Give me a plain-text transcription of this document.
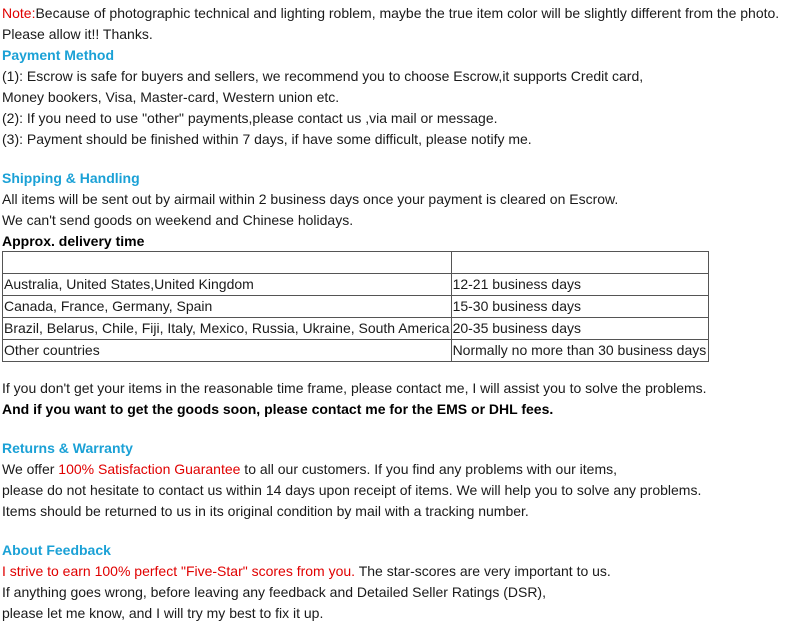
Note:Because of photographic technical and lighting roblem, maybe the true item color will be slightly different from the photo.
Please allow it!! Thanks.
Payment Method
(1): Escrow is safe for buyers and sellers, we recommend you to choose Escrow,it supports Credit card,
Money bookers, Visa, Master-card, Western union etc.
(2): If you need to use "other" payments,please contact us ,via mail or message.
(3): Payment should be finished within 7 days, if have some difficult, please notify me.
Shipping & Handling
All items will be sent out by airmail within 2 business days once your payment is cleared on Escrow.
We can't send goods on weekend and Chinese holidays.
Approx. delivery time

Australia, United States,United Kingdom	12-21 business days
Canada, France, Germany, Spain	15-30 business days
Brazil, Belarus, Chile, Fiji, Italy, Mexico, Russia, Ukraine, South America	20-35 business days
Other countries	Normally no more than 30 business days
If you don't get your items in the reasonable time frame, please contact me, I will assist you to solve the problems.
And if you want to get the goods soon, please contact me for the EMS or DHL fees.
Returns & Warranty
We offer 100% Satisfaction Guarantee to all our customers. If you find any problems with our items,
please do not hesitate to contact us within 14 days upon receipt of items. We will help you to solve any problems.
Items should be returned to us in its original condition by mail with a tracking number.
About Feedback
I strive to earn 100% perfect "Five-Star" scores from you. The star-scores are very important to us.
If anything goes wrong, before leaving any feedback and Detailed Seller Ratings (DSR),
please let me know, and I will try my best to fix it up.
